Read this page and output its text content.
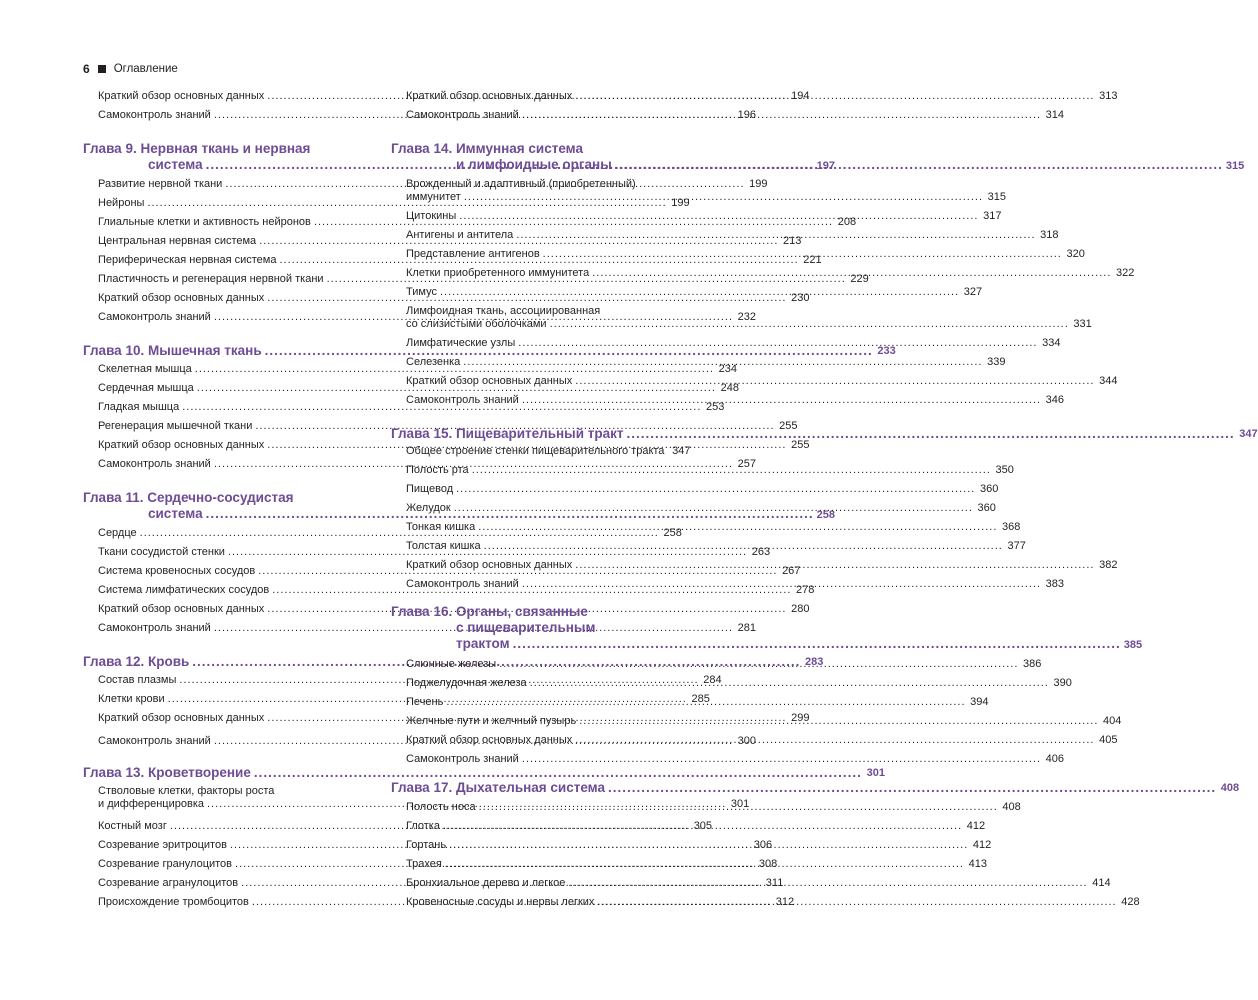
6 Оглавление
Краткий обзор основных данных .....	194
Самоконтроль знаний .....	196
Глава 9. Нервная ткань и нервная
система .....	197
Развитие нервной ткани .....	199
Нейроны .....	199
Глиальные клетки и активность нейронов .....	208
Центральная нервная система .....	213
Периферическая нервная система .....	221
Пластичность и регенерация нервной ткани .....	229
Краткий обзор основных данных .....	230
Самоконтроль знаний .....	232
Глава 10. Мышечная ткань .....	233
Скелетная мышца .....	234
Сердечная мышца .....	248
Гладкая мышца .....	253
Регенерация мышечной ткани .....	255
Краткий обзор основных данных .....	255
Самоконтроль знаний .....	257
Глава 11. Сердечно-сосудистая
система .....	258
Сердце .....	258
Ткани сосудистой стенки .....	263
Система кровеносных сосудов .....	267
Система лимфатических сосудов .....	278
Краткий обзор основных данных .....	280
Самоконтроль знаний .....	281
Глава 12. Кровь .....	283
Состав плазмы .....	284
Клетки крови .....	285
Краткий обзор основных данных .....	299
Самоконтроль знаний .....	300
Глава 13. Кроветворение .....	301
Стволовые клетки, факторы роста
и дифференцировка .....	301
Костный мозг .....	305
Созревание эритроцитов .....	306
Созревание гранулоцитов .....	308
Созревание агранулоцитов .....	311
Происхождение тромбоцитов .....	312
Краткий обзор основных данных .....	313
Самоконтроль знаний .....	314
Глава 14. Иммунная система
и лимфоидные органы .....	315
Врожденный и адаптивный (приобретенный)
иммунитет .....	315
Цитокины .....	317
Антигены и антитела .....	318
Представление антигенов .....	320
Клетки приобретенного иммунитета .....	322
Тимус .....	327
Лимфоидная ткань, ассоциированная
со слизистыми оболочками .....	331
Лимфатические узлы .....	334
Селезенка .....	339
Краткий обзор основных данных .....	344
Самоконтроль знаний .....	346
Глава 15. Пищеварительный тракт .....	347
Общее строение стенки пищеварительного тракта 347
Полость рта .....	350
Пищевод .....	360
Желудок .....	360
Тонкая кишка .....	368
Толстая кишка .....	377
Краткий обзор основных данных .....	382
Самоконтроль знаний .....	383
Глава 16. Органы, связанные
с пищеварительным
трактом .....	385
Слюнные железы .....	386
Поджелудочная железа .....	390
Печень .....	394
Желчные пути и желчный пузырь .....	404
Краткий обзор основных данных .....	405
Самоконтроль знаний .....	406
Глава 17. Дыхательная система .....	408
Полость носа .....	408
Глотка .....	412
Гортань .....	412
Трахея .....	413
Бронхиальное дерево и легкое .....	414
Кровеносные сосуды и нервы легких .....	428
